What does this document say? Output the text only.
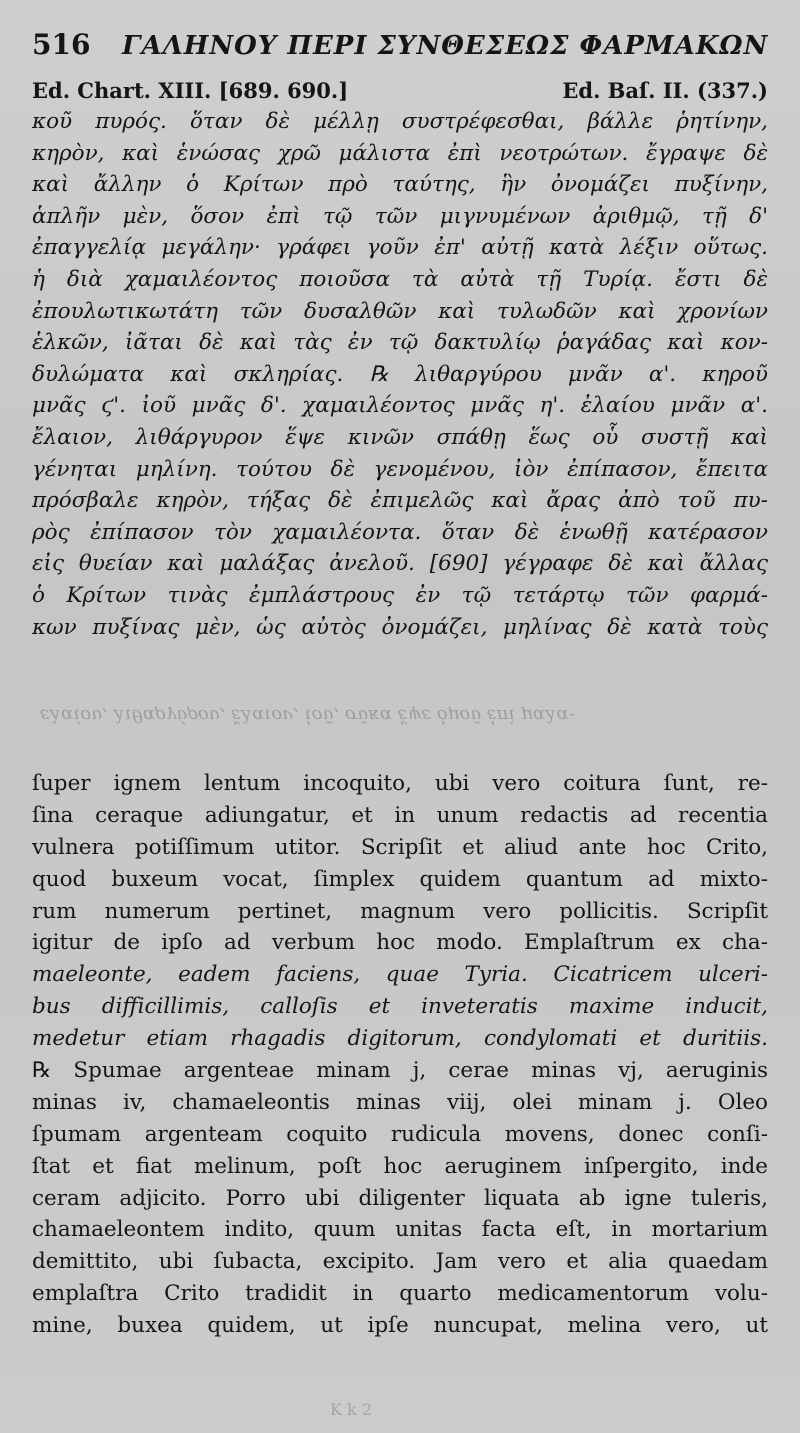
516	ΓΑΛΗΝΟΥ ΠΕΡΙ ΣΥΝΘΕΣΕΩΣ ΦΑΡΜΑΚΩΝ
Ed. Chart. XIII. [689. 690.]	Ed. Baſ. II. (337.)
κοῦ πυρός. ὅταν δὲ μέλλῃ συστρέφεσθαι, βάλλε ῥητίνην,
κηρὸν, καὶ ἑνώσας χρῶ μάλιστα ἐπὶ νεοτρώτων. ἔγραψε δὲ
καὶ ἄλλην ὁ Κρίτων πρὸ ταύτης, ἣν ὀνομάζει πυξίνην,
ἁπλῆν μὲν, ὅσον ἐπὶ τῷ τῶν μιγνυμένων ἀριθμῷ, τῇ δ'
ἐπαγγελίᾳ μεγάλην· γράφει γοῦν ἐπ' αὐτῇ κατὰ λέξιν οὕτως.
ἡ διὰ χαμαιλέοντος ποιοῦσα τὰ αὐτὰ τῇ Τυρίᾳ. ἔστι δὲ
ἐπουλωτικωτάτη τῶν δυσαλθῶν καὶ τυλωδῶν καὶ χρονίων
ἑλκῶν, ἰᾶται δὲ καὶ τὰς ἐν τῷ δακτυλίῳ ῥαγάδας καὶ κον-
δυλώματα καὶ σκληρίας. ℞ λιθαργύρου μνᾶν α'. κηροῦ
μνᾶς ϛ'. ἰοῦ μνᾶς δ'. χαμαιλέοντος μνᾶς η'. ἐλαίου μνᾶν α'.
ἔλαιον, λιθάργυρον ἕψε κινῶν σπάθῃ ἕως οὗ συστῇ καὶ
γένηται μηλίνη. τούτου δὲ γενομένου, ἰὸν ἐπίπασον, ἔπειτα
πρόσβαλε κηρὸν, τήξας δὲ ἐπιμελῶς καὶ ἄρας ἀπὸ τοῦ πυ-
ρὸς ἐπίπασον τὸν χαμαιλέοντα. ὅταν δὲ ἑνωθῇ κατέρασον
εἰς θυείαν καὶ μαλάξας ἀνελοῦ. [690] γέγραφε δὲ καὶ ἄλλας
ὁ Κρίτων τινὰς ἐμπλάστρους ἐν τῷ τετάρτῳ τῶν φαρμά-
κων πυξίνας μὲν, ὡς αὐτὸς ὀνομάζει, μηλίνας δὲ κατὰ τοὺς
ελαίου, λιθαργύρου, ἔλαιον, ἰοῦ, σῦκα ἕψε ὁμοῦ ἐπὶ μαλα-
ſuper ignem lentum incoquito, ubi vero coitura ſunt, re-
ſina ceraque adiungatur, et in unum redactis ad recentia
vulnera potiſſimum utitor. Scripſit et aliud ante hoc Crito,
quod buxeum vocat, ſimplex quidem quantum ad mixto-
rum numerum pertinet, magnum vero pollicitis. Scripſit
igitur de ipſo ad verbum hoc modo. Emplaſtrum ex cha-
maeleonte, eadem faciens, quae Tyria. Cicatricem ulceri-
bus difficillimis, calloſis et inveteratis maxime inducit,
medetur etiam rhagadis digitorum, condylomati et duritiis.
℞ Spumae argenteae minam j, cerae minas vj, aeruginis
minas iv, chamaeleontis minas viij, olei minam j. Oleo
ſpumam argenteam coquito rudicula movens, donec conſi-
ſtat et fiat melinum, poſt hoc aeruginem inſpergito, inde
ceram adjicito. Porro ubi diligenter liquata ab igne tuleris,
chamaeleontem indito, quum unitas facta eſt, in mortarium
demittito, ubi ſubacta, excipito. Jam vero et alia quaedam
emplaſtra Crito tradidit in quarto medicamentorum volu-
mine, buxea quidem, ut ipſe nuncupat, melina vero, ut
K k 2
